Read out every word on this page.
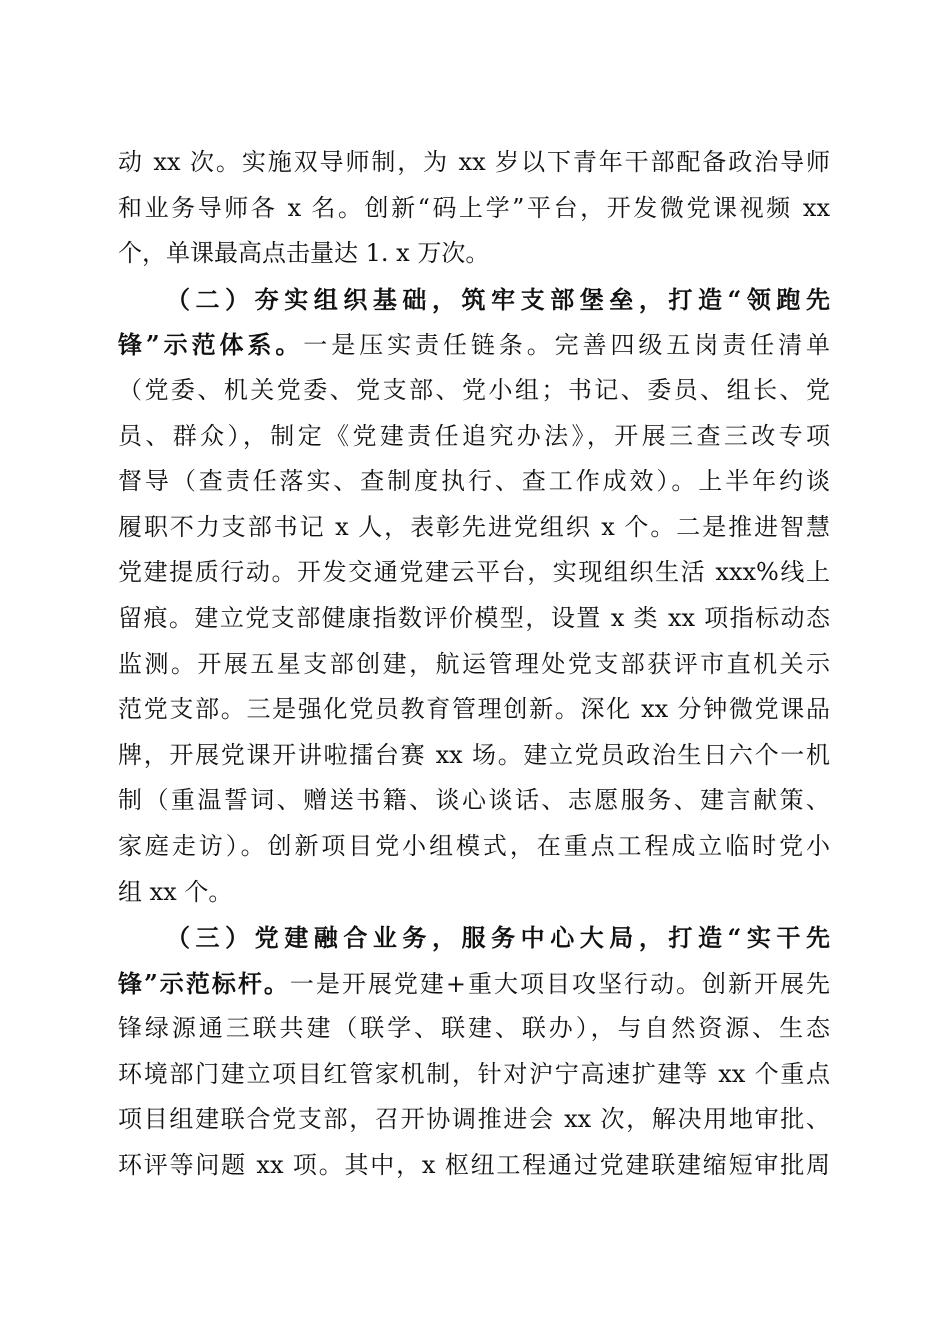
动 xx 次。实施双导师制，为 xx 岁以下青年干部配备政治导师
和业务导师各 x 名。创新“码上学”平台，开发微党课视频 xx
个，单课最高点击量达 1. x 万次。
（二）夯实组织基础，筑牢支部堡垒，打造“领跑先
锋”示范体系。一是压实责任链条。完善四级五岗责任清单
（党委、机关党委、党支部、党小组；书记、委员、组长、党
员、群众），制定《党建责任追究办法》，开展三查三改专项
督导（查责任落实、查制度执行、查工作成效）。上半年约谈
履职不力支部书记 x 人，表彰先进党组织 x 个。二是推进智慧
党建提质行动。开发交通党建云平台，实现组织生活 xxx%线上
留痕。建立党支部健康指数评价模型，设置 x 类 xx 项指标动态
监测。开展五星支部创建，航运管理处党支部获评市直机关示
范党支部。三是强化党员教育管理创新。深化 xx 分钟微党课品
牌，开展党课开讲啦擂台赛 xx 场。建立党员政治生日六个一机
制（重温誓词、赠送书籍、谈心谈话、志愿服务、建言献策、
家庭走访）。创新项目党小组模式，在重点工程成立临时党小
组 xx 个。
（三）党建融合业务，服务中心大局，打造“实干先
锋”示范标杆。一是开展党建+重大项目攻坚行动。创新开展先
锋绿源通三联共建（联学、联建、联办），与自然资源、生态
环境部门建立项目红管家机制，针对沪宁高速扩建等 xx 个重点
项目组建联合党支部，召开协调推进会 xx 次，解决用地审批、
环评等问题 xx 项。其中，x 枢纽工程通过党建联建缩短审批周
